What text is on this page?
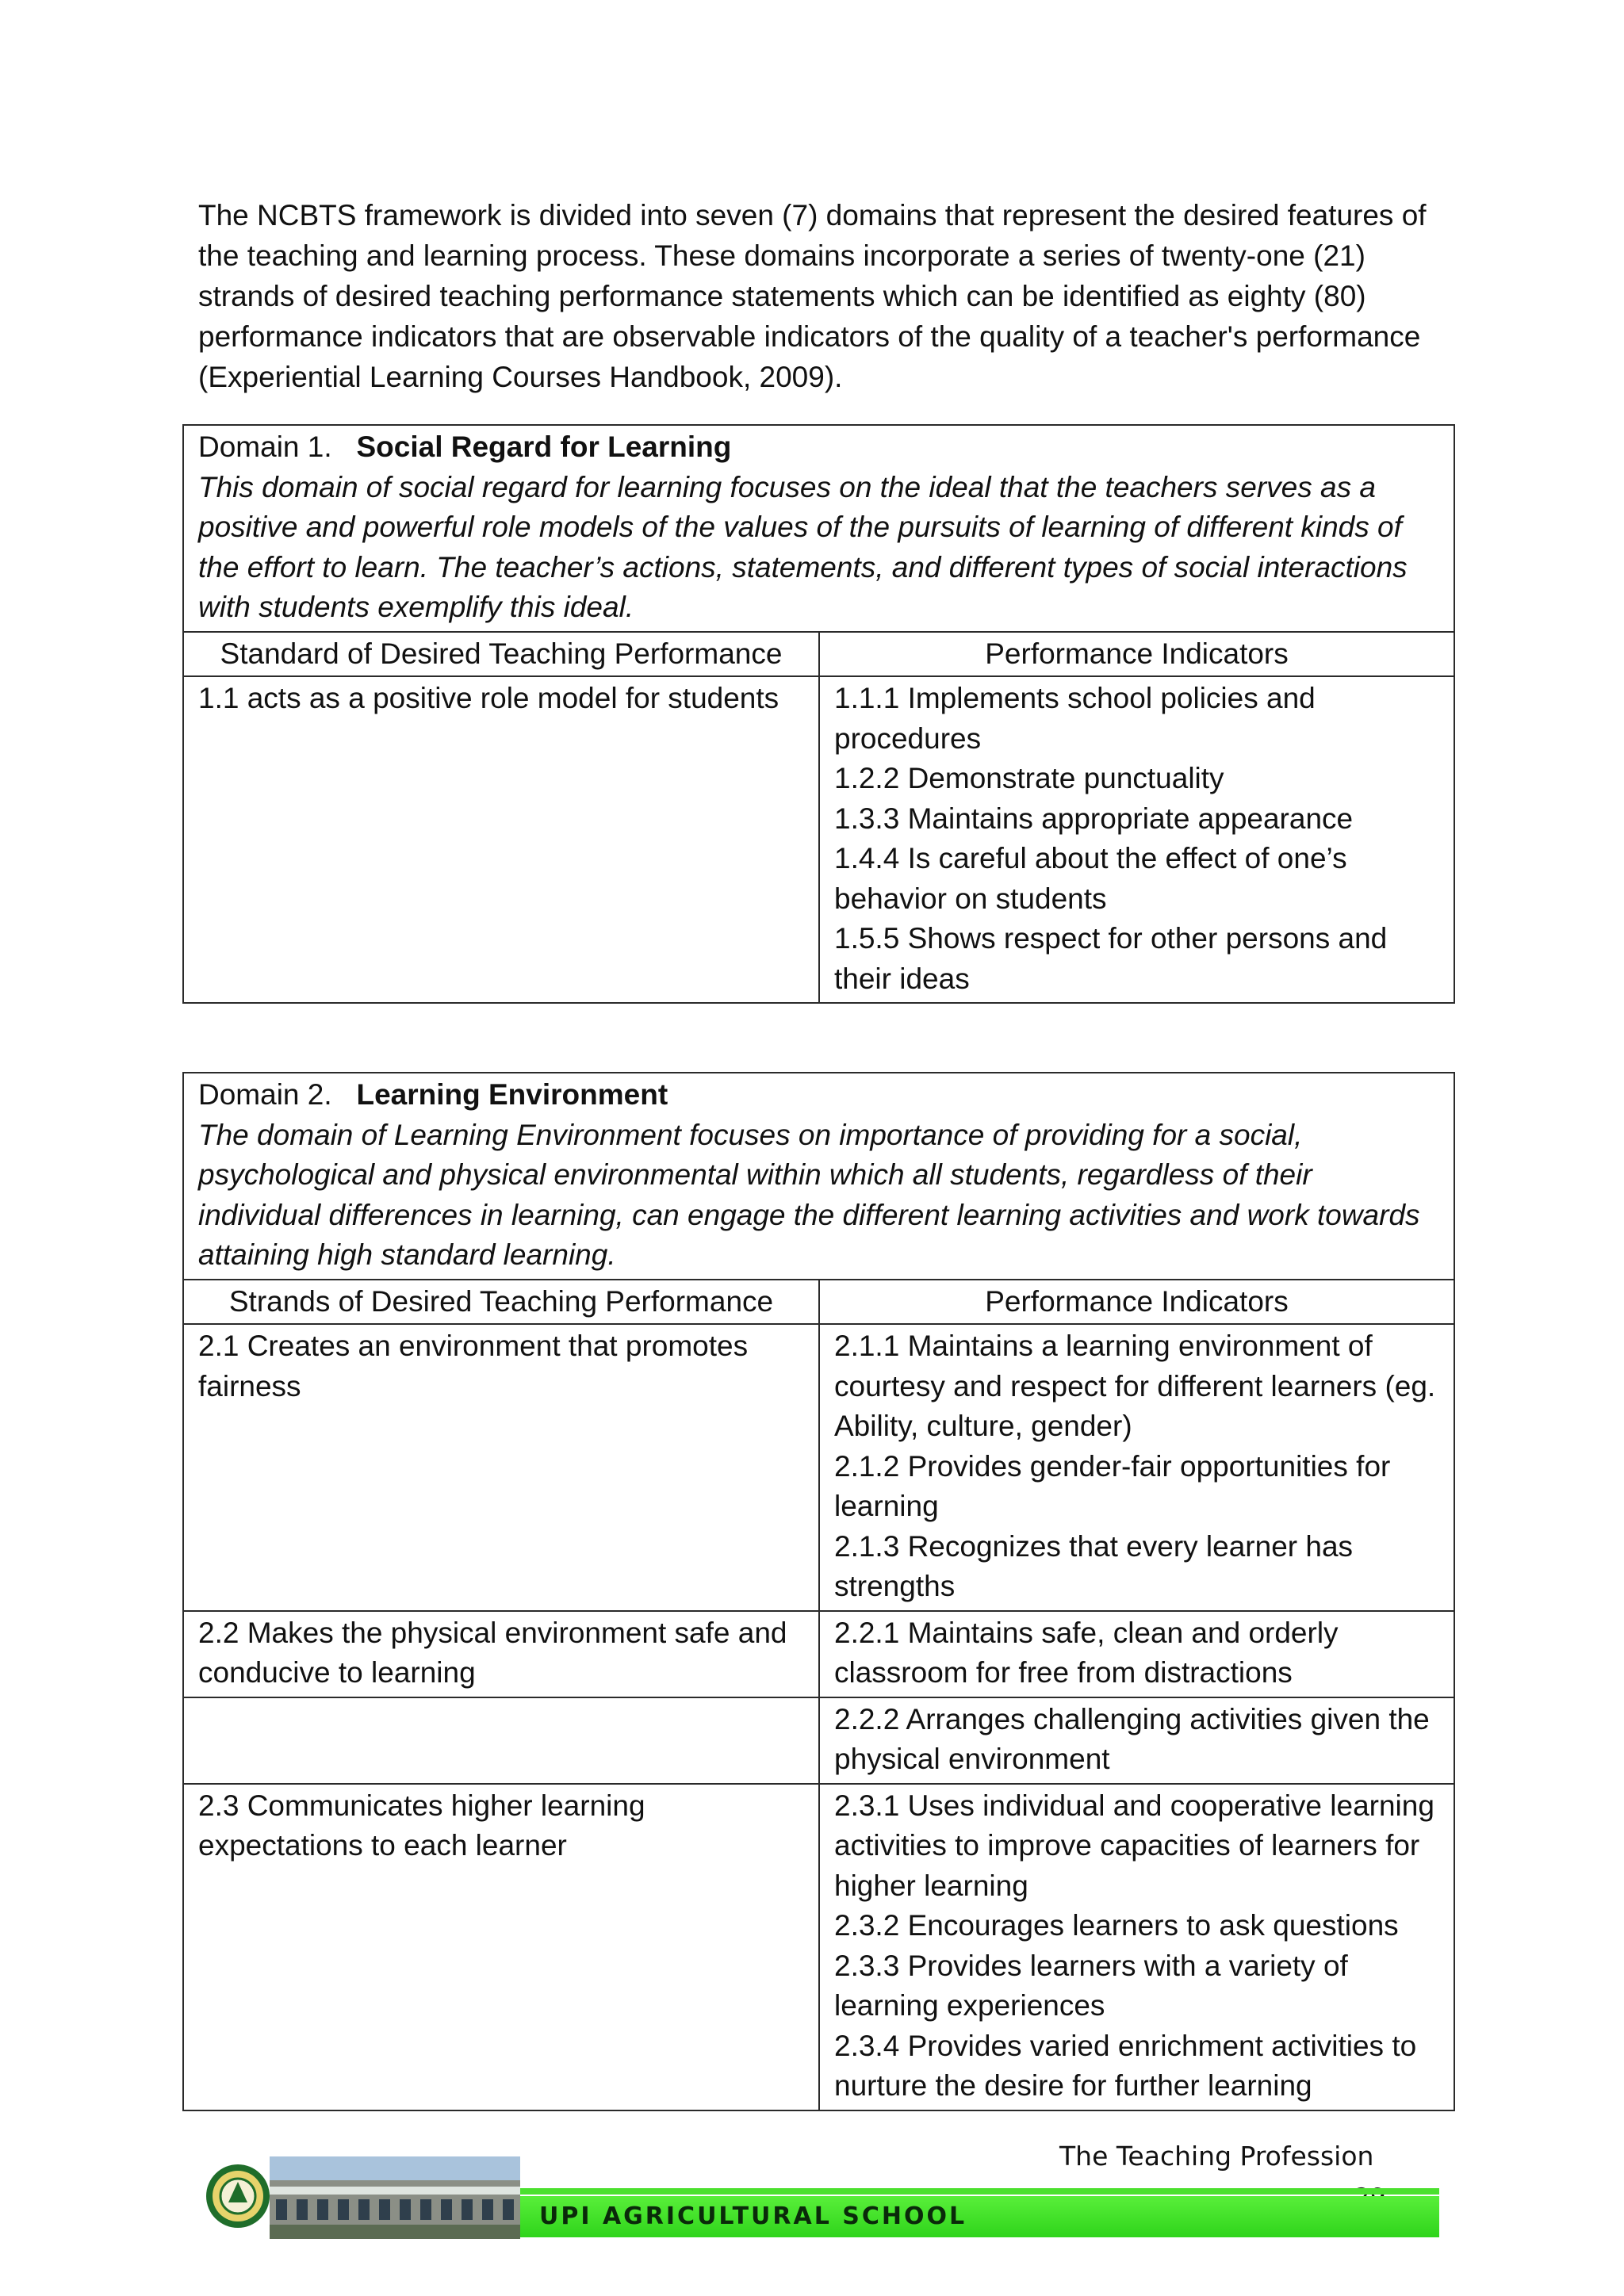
The NCBTS framework is divided into seven (7) domains that represent the desired features of the teaching and learning process. These domains incorporate a series of twenty-one (21) strands of desired teaching performance statements which can be identified as eighty (80) performance indicators that are observable indicators of the quality of a teacher's performance (Experiential Learning Courses Handbook, 2009).

Domain 1. Social Regard for Learning
This domain of social regard for learning focuses on the ideal that the teachers serves as a positive and powerful role models of the values of the pursuits of learning of different kinds of the effort to learn. The teacher’s actions, statements, and different types of social interactions with students exemplify this ideal.	
Standard of Desired Teaching Performance	Performance Indicators
1.1 acts as a positive role model for students	1.1.1 Implements school policies and procedures
1.2.2 Demonstrate punctuality
1.3.3 Maintains appropriate appearance
1.4.4 Is careful about the effect of one’s behavior on students
1.5.5 Shows respect for other persons and their ideas
Domain 2. Learning Environment
The domain of Learning Environment focuses on importance of providing for a social, psychological and physical environmental within which all students, regardless of their individual differences in learning, can engage the different learning activities and work towards attaining high standard learning.	
Strands of Desired Teaching Performance	Performance Indicators
2.1 Creates an environment that promotes fairness	2.1.1 Maintains a learning environment of courtesy and respect for different learners (eg. Ability, culture, gender)
2.1.2 Provides gender-fair opportunities for learning
2.1.3 Recognizes that every learner has strengths

2.2 Makes the physical environment safe and conducive to learning	2.2.1 Maintains safe, clean and orderly classroom for free from distractions

	2.2.2 Arranges challenging activities given the physical environment

2.3 Communicates higher learning expectations to each learner	2.3.1 Uses individual and cooperative learning activities to improve capacities of learners for higher learning
2.3.2 Encourages learners to ask questions
2.3.3 Provides learners with a variety of learning experiences
2.3.4 Provides varied enrichment activities to nurture the desire for further learning
The Teaching Profession
UPI AGRICULTURAL SCHOOL
